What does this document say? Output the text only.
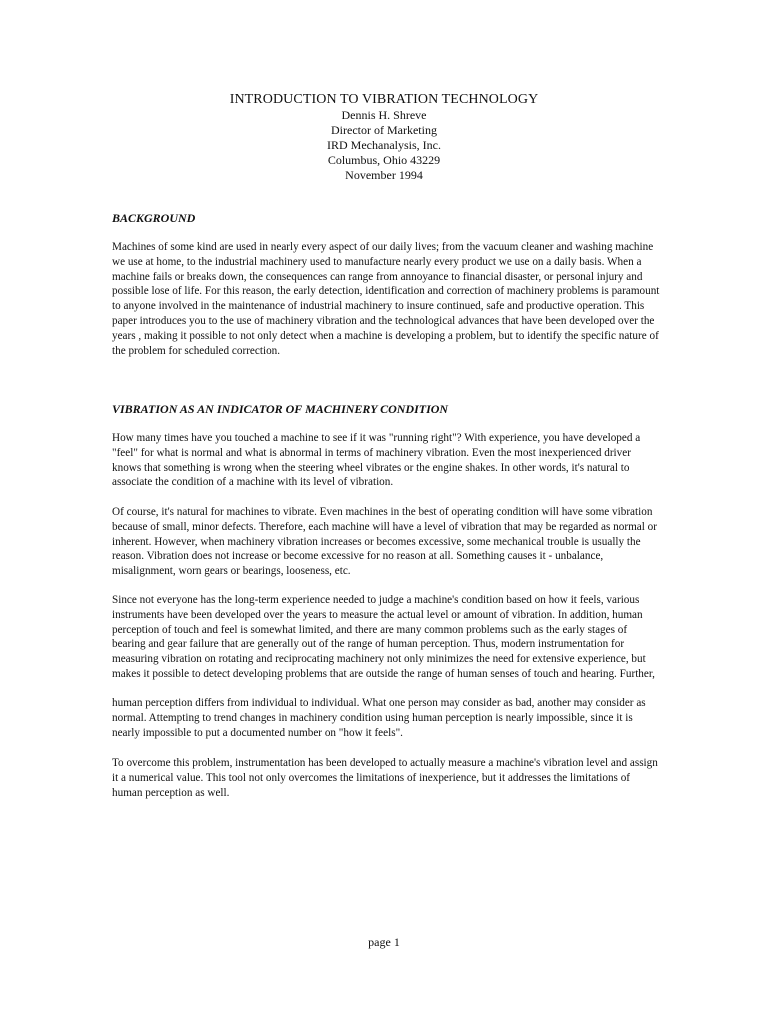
INTRODUCTION TO VIBRATION TECHNOLOGY

Dennis H. Shreve

Director of Marketing

IRD Mechanalysis, Inc.

Columbus, Ohio 43229

November 1994

BACKGROUND

Machines of some kind are used in nearly every aspect of our daily lives; from the vacuum cleaner and washing machine we use at home, to the industrial machinery used to manufacture nearly every product we use on a daily basis. When a machine fails or breaks down, the consequences can range from annoyance to financial disaster, or personal injury and possible lose of life. For this reason, the early detection, identification and correction of machinery problems is paramount to anyone involved in the maintenance of industrial machinery to insure continued, safe and productive operation. This paper introduces you to the use of machinery vibration and the technological advances that have been developed over the years , making it possible to not only detect when a machine is developing a problem, but to identify the specific nature of the problem for scheduled correction.

VIBRATION AS AN INDICATOR OF MACHINERY CONDITION

How many times have you touched a machine to see if it was "running right"? With experience, you have developed a "feel" for what is normal and what is abnormal in terms of machinery vibration. Even the most inexperienced driver knows that something is wrong when the steering wheel vibrates or the engine shakes. In other words, it's natural to associate the condition of a machine with its level of vibration.

Of course, it's natural for machines to vibrate. Even machines in the best of operating condition will have some vibration because of small, minor defects. Therefore, each machine will have a level of vibration that may be regarded as normal or inherent. However, when machinery vibration increases or becomes excessive, some mechanical trouble is usually the reason. Vibration does not increase or become excessive for no reason at all. Something causes it - unbalance, misalignment, worn gears or bearings, looseness, etc.

Since not everyone has the long-term experience needed to judge a machine's condition based on how it feels, various instruments have been developed over the years to measure the actual level or amount of vibration. In addition, human perception of touch and feel is somewhat limited, and there are many common problems such as the early stages of bearing and gear failure that are generally out of the range of human perception. Thus, modern instrumentation for measuring vibration on rotating and reciprocating machinery not only minimizes the need for extensive experience, but makes it possible to detect developing problems that are outside the range of human senses of touch and hearing. Further,

human perception differs from individual to individual. What one person may consider as bad, another may consider as normal. Attempting to trend changes in machinery condition using human perception is nearly impossible, since it is nearly impossible to put a documented number on "how it feels".

To overcome this problem, instrumentation has been developed to actually measure a machine's vibration level and assign it a numerical value. This tool not only overcomes the limitations of inexperience, but it addresses the limitations of human perception as well.

page 1
